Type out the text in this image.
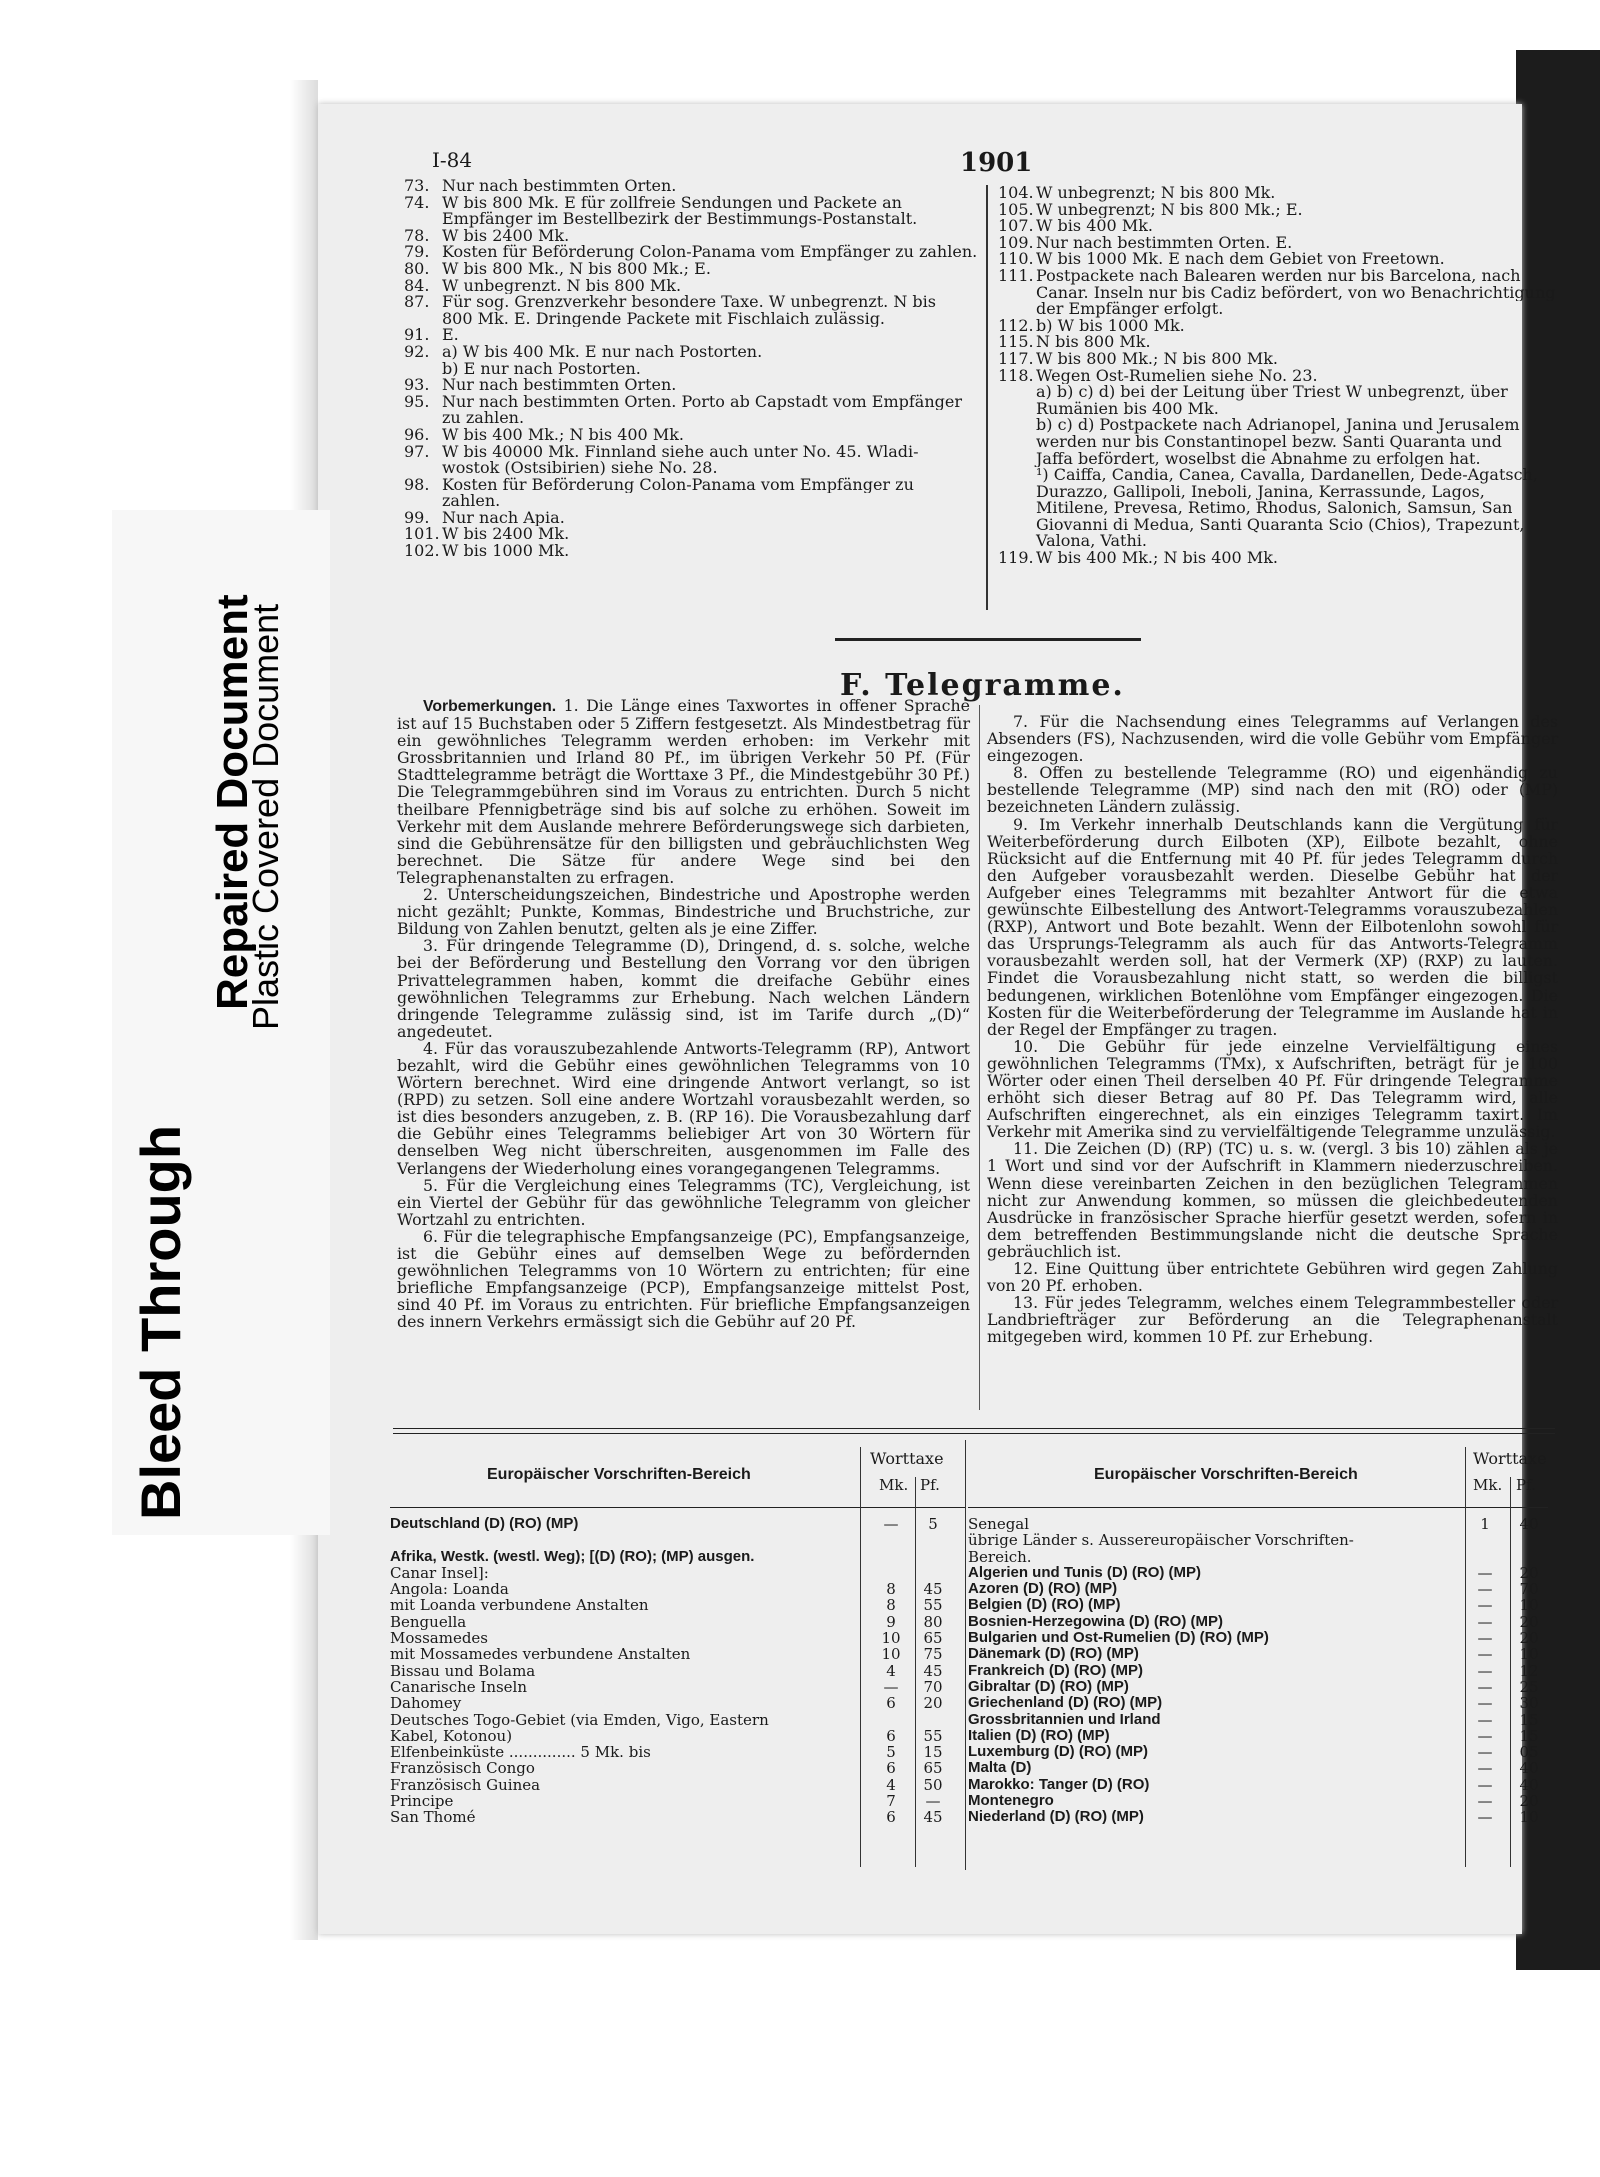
Bleed Through
Repaired Document
Plastic Covered Document
I-84	1901
73. Nur nach bestimmten Orten.
74. W bis 800 Mk. E für zollfreie Sendungen und Packete an
Empfänger im Bestellbezirk der Bestimmungs-Postanstalt.
78. W bis 2400 Mk.
79. Kosten für Beförderung Colon-Panama vom Empfänger zu zahlen.
80. W bis 800 Mk., N bis 800 Mk.; E.
84. W unbegrenzt. N bis 800 Mk.
87. Für sog. Grenzverkehr besondere Taxe. W unbegrenzt. N bis
800 Mk. E. Dringende Packete mit Fischlaich zulässig.
91. E.
92. a) W bis 400 Mk. E nur nach Postorten.
b) E nur nach Postorten.
93. Nur nach bestimmten Orten.
95. Nur nach bestimmten Orten. Porto ab Capstadt vom Empfänger
zu zahlen.
96. W bis 400 Mk.; N bis 400 Mk.
97. W bis 40000 Mk. Finnland siehe auch unter No. 45. Wladi-
wostok (Ostsibirien) siehe No. 28.
98. Kosten für Beförderung Colon-Panama vom Empfänger zu
zahlen.
99. Nur nach Apia.
101. W bis 2400 Mk.
102. W bis 1000 Mk.
104. W unbegrenzt; N bis 800 Mk.
105. W unbegrenzt; N bis 800 Mk.; E.
107. W bis 400 Mk.
109. Nur nach bestimmten Orten. E.
110. W bis 1000 Mk. E nach dem Gebiet von Freetown.
111. Postpackete nach Balearen werden nur bis Barcelona, nach
Canar. Inseln nur bis Cadiz befördert, von wo Benachrichtigung
der Empfänger erfolgt.
112. b) W bis 1000 Mk.
115. N bis 800 Mk.
117. W bis 800 Mk.; N bis 800 Mk.
118. Wegen Ost-Rumelien siehe No. 23.
a) b) c) d) bei der Leitung über Triest W unbegrenzt, über
Rumänien bis 400 Mk.
b) c) d) Postpackete nach Adrianopel, Janina und Jerusalem
werden nur bis Constantinopel bezw. Santi Quaranta und
Jaffa befördert, woselbst die Abnahme zu erfolgen hat.
¹) Caiffa, Candia, Canea, Cavalla, Dardanellen, Dede-Agatsch,
Durazzo, Gallipoli, Ineboli, Janina, Kerrassunde, Lagos,
Mitilene, Prevesa, Retimo, Rhodus, Salonich, Samsun, San
Giovanni di Medua, Santi Quaranta Scio (Chios), Trapezunt,
Valona, Vathi.
119. W bis 400 Mk.; N bis 400 Mk.
F. Telegramme.
Vorbemerkungen. 1. Die Länge eines Taxwortes in offener Sprache ist auf 15 Buchstaben oder 5 Ziffern festgesetzt. Als Mindestbetrag für ein gewöhnliches Telegramm werden erhoben: im Verkehr mit Grossbritannien und Irland 80 Pf., im übrigen Verkehr 50 Pf. (Für Stadttelegramme beträgt die Worttaxe 3 Pf., die Mindestgebühr 30 Pf.) Die Telegrammgebühren sind im Voraus zu entrichten. Durch 5 nicht theilbare Pfennigbeträge sind bis auf solche zu erhöhen. Soweit im Verkehr mit dem Auslande mehrere Beförderungswege sich darbieten, sind die Gebührensätze für den billigsten und gebräuchlichsten Weg berechnet. Die Sätze für andere Wege sind bei den Telegraphenanstalten zu erfragen.
2. Unterscheidungszeichen, Bindestriche und Apostrophe werden nicht gezählt; Punkte, Kommas, Bindestriche und Bruchstriche, zur Bildung von Zahlen benutzt, gelten als je eine Ziffer.
3. Für dringende Telegramme (D), Dringend, d. s. solche, welche bei der Beförderung und Bestellung den Vorrang vor den übrigen Privattelegrammen haben, kommt die dreifache Gebühr eines gewöhnlichen Telegramms zur Erhebung. Nach welchen Ländern dringende Telegramme zulässig sind, ist im Tarife durch „(D)“ angedeutet.
4. Für das vorauszubezahlende Antworts-Telegramm (RP), Antwort bezahlt, wird die Gebühr eines gewöhnlichen Telegramms von 10 Wörtern berechnet. Wird eine dringende Antwort verlangt, so ist (RPD) zu setzen. Soll eine andere Wortzahl vorausbezahlt werden, so ist dies besonders anzugeben, z. B. (RP 16). Die Vorausbezahlung darf die Gebühr eines Telegramms beliebiger Art von 30 Wörtern für denselben Weg nicht überschreiten, ausgenommen im Falle des Verlangens der Wiederholung eines vorangegangenen Telegramms.
5. Für die Vergleichung eines Telegramms (TC), Vergleichung, ist ein Viertel der Gebühr für das gewöhnliche Telegramm von gleicher Wortzahl zu entrichten.
6. Für die telegraphische Empfangsanzeige (PC), Empfangsanzeige, ist die Gebühr eines auf demselben Wege zu befördernden gewöhnlichen Telegramms von 10 Wörtern zu entrichten; für eine briefliche Empfangsanzeige (PCP), Empfangsanzeige mittelst Post, sind 40 Pf. im Voraus zu entrichten. Für briefliche Empfangsanzeigen des innern Verkehrs ermässigt sich die Gebühr auf 20 Pf.
7. Für die Nachsendung eines Telegramms auf Verlangen des Absenders (FS), Nachzusenden, wird die volle Gebühr vom Empfänger eingezogen.
8. Offen zu bestellende Telegramme (RO) und eigenhändig zu bestellende Telegramme (MP) sind nach den mit (RO) oder (MP) bezeichneten Ländern zulässig.
9. Im Verkehr innerhalb Deutschlands kann die Vergütung für Weiterbeförderung durch Eilboten (XP), Eilbote bezahlt, ohne Rücksicht auf die Entfernung mit 40 Pf. für jedes Telegramm durch den Aufgeber vorausbezahlt werden. Dieselbe Gebühr hat der Aufgeber eines Telegramms mit bezahlter Antwort für die etwa gewünschte Eilbestellung des Antwort-Telegramms vorauszubezahlen (RXP), Antwort und Bote bezahlt. Wenn der Eilbotenlohn sowohl für das Ursprungs-Telegramm als auch für das Antworts-Telegramm vorausbezahlt werden soll, hat der Vermerk (XP) (RXP) zu lauten. Findet die Vorausbezahlung nicht statt, so werden die billigst bedungenen, wirklichen Botenlöhne vom Empfänger eingezogen. Die Kosten für die Weiterbeförderung der Telegramme im Auslande hat in der Regel der Empfänger zu tragen.
10. Die Gebühr für jede einzelne Vervielfältigung eines gewöhnlichen Telegramms (TMx), x Aufschriften, beträgt für je 100 Wörter oder einen Theil derselben 40 Pf. Für dringende Telegramme erhöht sich dieser Betrag auf 80 Pf. Das Telegramm wird, alle Aufschriften eingerechnet, als ein einziges Telegramm taxirt. Im Verkehr mit Amerika sind zu vervielfältigende Telegramme unzulässig.
11. Die Zeichen (D) (RP) (TC) u. s. w. (vergl. 3 bis 10) zählen als je 1 Wort und sind vor der Aufschrift in Klammern niederzuschreiben. Wenn diese vereinbarten Zeichen in den bezüglichen Telegrammen nicht zur Anwendung kommen, so müssen die gleichbedeutenden Ausdrücke in französischer Sprache hierfür gesetzt werden, sofern in dem betreffenden Bestimmungslande nicht die deutsche Sprache gebräuchlich ist.
12. Eine Quittung über entrichtete Gebühren wird gegen Zahlung von 20 Pf. erhoben.
13. Für jedes Telegramm, welches einem Telegrammbesteller oder Landbriefträger zur Beförderung an die Telegraphenanstalt mitgegeben wird, kommen 10 Pf. zur Erhebung.
Europäischer Vorschriften-Bereich
Worttaxe
Mk. Pf.
Deutschland (D) (RO) (MP)	—	5
Afrika, Westk. (westl. Weg); [(D) (RO); (MP) ausgen.
Canar Insel]:
Angola: Loanda	8	45
mit Loanda verbundene Anstalten	8	55
Benguella	9	80
Mossamedes	10	65
mit Mossamedes verbundene Anstalten	10	75
Bissau und Bolama	4	45
Canarische Inseln	—	70
Dahomey	6	20
Deutsches Togo-Gebiet (via Emden, Vigo, Eastern
Kabel, Kotonou)	6	55
Elfenbeinküste .............. 5 Mk. bis	5	15
Französisch Congo	6	65
Französisch Guinea	4	50
Principe	7	—
San Thomé	6	45
Europäischer Vorschriften-Bereich
Worttaxe
Mk. Pf.
Senegal	1	40
übrige Länder s. Aussereuropäischer Vorschriften-
Bereich.
Algerien und Tunis (D) (RO) (MP)	—	20
Azoren (D) (RO) (MP)	—	70
Belgien (D) (RO) (MP)	—	10
Bosnien-Herzegowina (D) (RO) (MP)	—	20
Bulgarien und Ost-Rumelien (D) (RO) (MP)	—	20
Dänemark (D) (RO) (MP)	—	10
Frankreich (D) (RO) (MP)	—	12
Gibraltar (D) (RO) (MP)	—	25
Griechenland (D) (RO) (MP)	—	30
Grossbritannien und Irland	—	15
Italien (D) (RO) (MP)	—	15
Luxemburg (D) (RO) (MP)	—	05
Malta (D)	—	40
Marokko: Tanger (D) (RO)	—	40
Montenegro	—	20
Niederland (D) (RO) (MP)	—	10
